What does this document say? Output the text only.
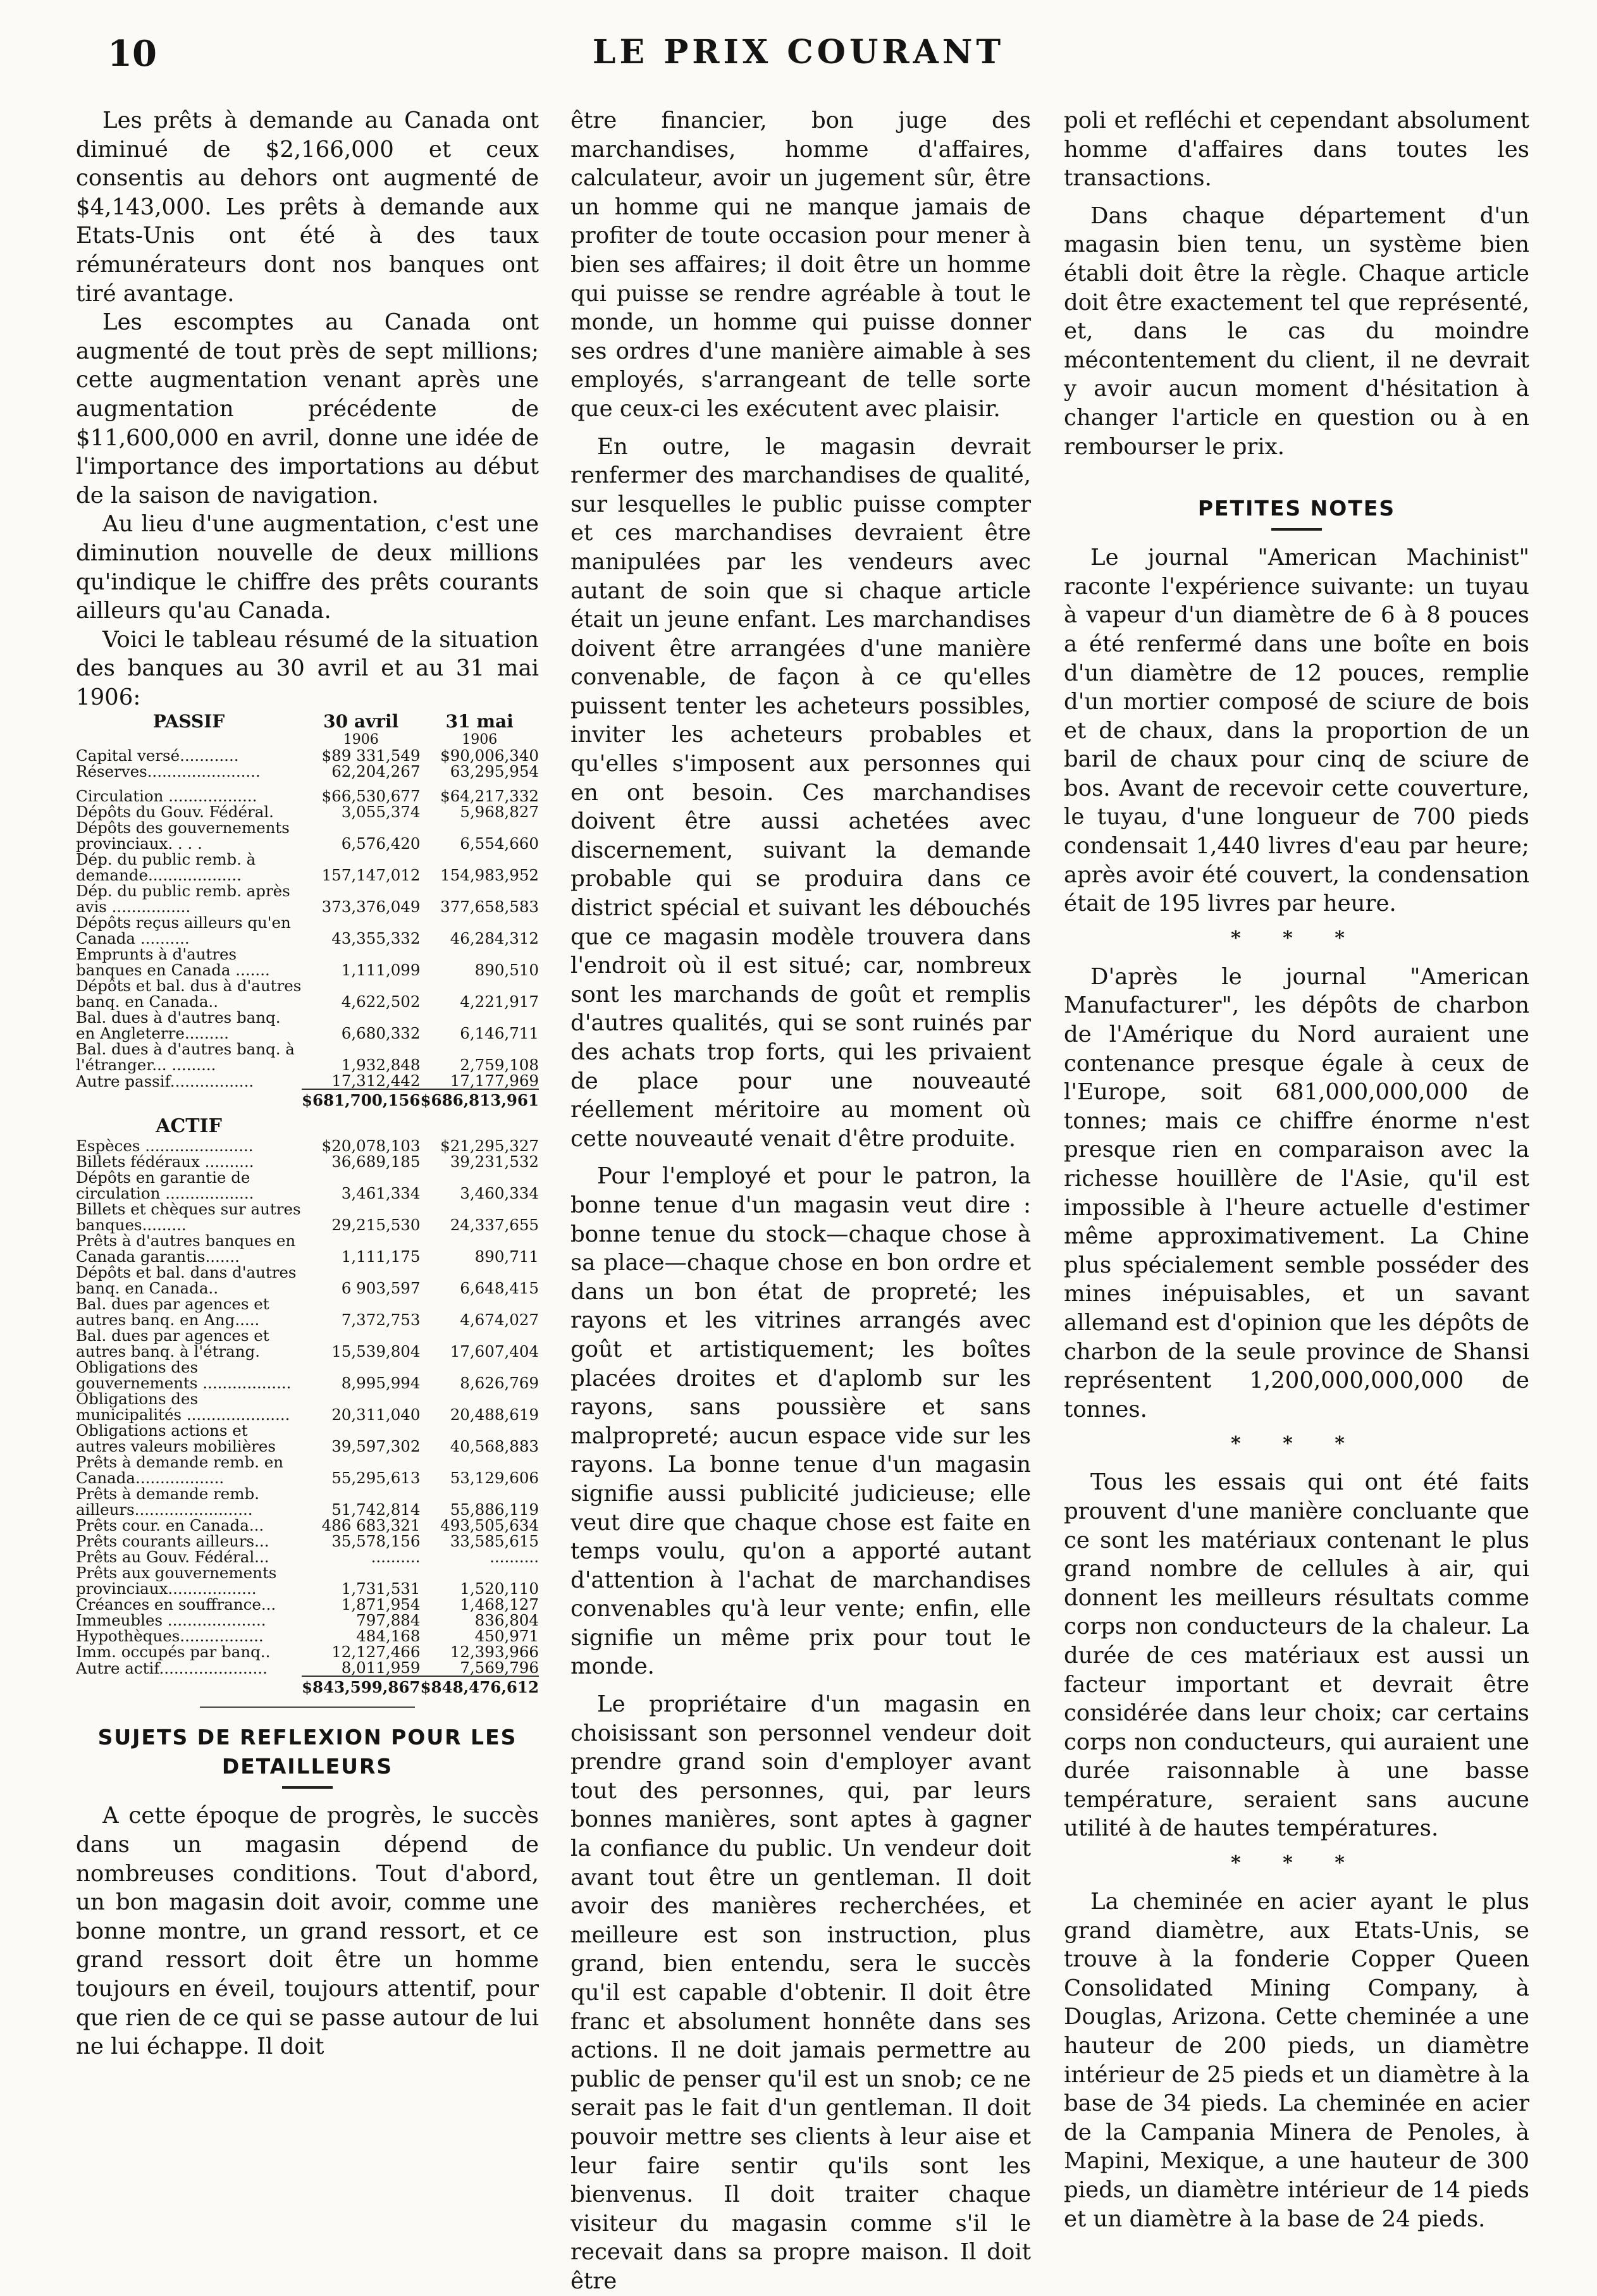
10	LE PRIX COURANT

Les prêts à demande au Canada ont diminué de $2,166,000 et ceux consentis au dehors ont augmenté de $4,143,000. Les prêts à demande aux Etats-Unis ont été à des taux rémunérateurs dont nos banques ont tiré avantage.

Les escomptes au Canada ont augmenté de tout près de sept millions; cette augmentation venant après une augmentation précédente de $11,600,000 en avril, donne une idée de l'importance des importations au début de la saison de navigation.

Au lieu d'une augmentation, c'est une diminution nouvelle de deux millions qu'indique le chiffre des prêts courants ailleurs qu'au Canada.

Voici le tableau résumé de la situation des banques au 30 avril et au 31 mai 1906:

PASSIF	30 avril	31 mai
	1906	1906
Capital versé............	$89 331,549	$90,006,340
Réserves.......................	62,204,267	63,295,954

Circulation ..................	$66,530,677	$64,217,332
Dépôts du Gouv. Fédéral.	3,055,374	5,968,827
Dépôts des gouvernements provinciaux. . . .	6,576,420	6,554,660
Dép. du public remb. à demande...................	157,147,012	154,983,952
Dép. du public remb. après avis ................	373,376,049	377,658,583
Dépôts reçus ailleurs qu'en Canada ..........	43,355,332	46,284,312
Emprunts à d'autres banques en Canada .......	1,111,099	890,510
Dépôts et bal. dus à d'autres banq. en Canada..	4,622,502	4,221,917
Bal. dues à d'autres banq. en Angleterre.........	6,680,332	6,146,711
Bal. dues à d'autres banq. à l'étranger... .........	1,932,848	2,759,108
Autre passif.................	17,312,442	17,177,969
	$681,700,156	$686,813,961
ACTIF		
Espèces ......................	$20,078,103	$21,295,327
Billets fédéraux ..........	36,689,185	39,231,532
Dépôts en garantie de circulation ..................	3,461,334	3,460,334
Billets et chèques sur autres banques.........	29,215,530	24,337,655
Prêts à d'autres banques en Canada garantis.......	1,111,175	890,711
Dépôts et bal. dans d'autres banq. en Canada..	6 903,597	6,648,415
Bal. dues par agences et autres banq. en Ang.....	7,372,753	4,674,027
Bal. dues par agences et autres banq. à l'étrang.	15,539,804	17,607,404
Obligations des gouvernements ..................	8,995,994	8,626,769
Obligations des municipalités .....................	20,311,040	20,488,619
Obligations actions et autres valeurs mobilières	39,597,302	40,568,883
Prêts à demande remb. en Canada..................	55,295,613	53,129,606
Prêts à demande remb. ailleurs........................	51,742,814	55,886,119
Prêts cour. en Canada...	486 683,321	493,505,634
Prêts courants ailleurs...	35,578,156	33,585,615
Prêts au Gouv. Fédéral...	..........	..........
Prêts aux gouvernements provinciaux..................	1,731,531	1,520,110
Créances en souffrance...	1,871,954	1,468,127
Immeubles ....................	797,884	836,804
Hypothèques.................	484,168	450,971
Imm. occupés par banq..	12,127,466	12,393,966
Autre actif......................	8,011,959	7,569,796
	$843,599,867	$848,476,612
SUJETS DE REFLEXION POUR LES DETAILLEURS

A cette époque de progrès, le succès dans un magasin dépend de nombreuses conditions. Tout d'abord, un bon magasin doit avoir, comme une bonne montre, un grand ressort, et ce grand ressort doit être un homme toujours en éveil, toujours attentif, pour que rien de ce qui se passe autour de lui ne lui échappe. Il doit

être financier, bon juge des marchandises, homme d'affaires, calculateur, avoir un jugement sûr, être un homme qui ne manque jamais de profiter de toute occasion pour mener à bien ses affaires; il doit être un homme qui puisse se rendre agréable à tout le monde, un homme qui puisse donner ses ordres d'une manière aimable à ses employés, s'arrangeant de telle sorte que ceux-ci les exécutent avec plaisir.

En outre, le magasin devrait renfermer des marchandises de qualité, sur lesquelles le public puisse compter et ces marchandises devraient être manipulées par les vendeurs avec autant de soin que si chaque article était un jeune enfant. Les marchandises doivent être arrangées d'une manière convenable, de façon à ce qu'elles puissent tenter les acheteurs possibles, inviter les acheteurs probables et qu'elles s'imposent aux personnes qui en ont besoin. Ces marchandises doivent être aussi achetées avec discernement, suivant la demande probable qui se produira dans ce district spécial et suivant les débouchés que ce magasin modèle trouvera dans l'endroit où il est situé; car, nombreux sont les marchands de goût et remplis d'autres qualités, qui se sont ruinés par des achats trop forts, qui les privaient de place pour une nouveauté réellement méritoire au moment où cette nouveauté venait d'être produite.

Pour l'employé et pour le patron, la bonne tenue d'un magasin veut dire : bonne tenue du stock—chaque chose à sa place—chaque chose en bon ordre et dans un bon état de propreté; les rayons et les vitrines arrangés avec goût et artistiquement; les boîtes placées droites et d'aplomb sur les rayons, sans poussière et sans malpropreté; aucun espace vide sur les rayons. La bonne tenue d'un magasin signifie aussi publicité judicieuse; elle veut dire que chaque chose est faite en temps voulu, qu'on a apporté autant d'attention à l'achat de marchandises convenables qu'à leur vente; enfin, elle signifie un même prix pour tout le monde.

Le propriétaire d'un magasin en choisissant son personnel vendeur doit prendre grand soin d'employer avant tout des personnes, qui, par leurs bonnes manières, sont aptes à gagner la confiance du public. Un vendeur doit avant tout être un gentleman. Il doit avoir des manières recherchées, et meilleure est son instruction, plus grand, bien entendu, sera le succès qu'il est capable d'obtenir. Il doit être franc et absolument honnête dans ses actions. Il ne doit jamais permettre au public de penser qu'il est un snob; ce ne serait pas le fait d'un gentleman. Il doit pouvoir mettre ses clients à leur aise et leur faire sentir qu'ils sont les bienvenus. Il doit traiter chaque visiteur du magasin comme s'il le recevait dans sa propre maison. Il doit être

poli et refléchi et cependant absolument homme d'affaires dans toutes les transactions.

Dans chaque département d'un magasin bien tenu, un système bien établi doit être la règle. Chaque article doit être exactement tel que représenté, et, dans le cas du moindre mécontentement du client, il ne devrait y avoir aucun moment d'hésitation à changer l'article en question ou à en rembourser le prix.

PETITES NOTES

Le journal "American Machinist" raconte l'expérience suivante: un tuyau à vapeur d'un diamètre de 6 à 8 pouces a été renfermé dans une boîte en bois d'un diamètre de 12 pouces, remplie d'un mortier composé de sciure de bois et de chaux, dans la proportion de un baril de chaux pour cinq de sciure de bos. Avant de recevoir cette couverture, le tuyau, d'une longueur de 700 pieds condensait 1,440 livres d'eau par heure; après avoir été couvert, la condensation était de 195 livres par heure.

* * *

D'après le journal "American Manufacturer", les dépôts de charbon de l'Amérique du Nord auraient une contenance presque égale à ceux de l'Europe, soit 681,000,000,000 de tonnes; mais ce chiffre énorme n'est presque rien en comparaison avec la richesse houillère de l'Asie, qu'il est impossible à l'heure actuelle d'estimer même approximativement. La Chine plus spécialement semble posséder des mines inépuisables, et un savant allemand est d'opinion que les dépôts de charbon de la seule province de Shansi représentent 1,200,000,000,000 de tonnes.

* * *

Tous les essais qui ont été faits prouvent d'une manière concluante que ce sont les matériaux contenant le plus grand nombre de cellules à air, qui donnent les meilleurs résultats comme corps non conducteurs de la chaleur. La durée de ces matériaux est aussi un facteur important et devrait être considérée dans leur choix; car certains corps non conducteurs, qui auraient une durée raisonnable à une basse température, seraient sans aucune utilité à de hautes températures.

* * *

La cheminée en acier ayant le plus grand diamètre, aux Etats-Unis, se trouve à la fonderie Copper Queen Consolidated Mining Company, à Douglas, Arizona. Cette cheminée a une hauteur de 200 pieds, un diamètre intérieur de 25 pieds et un diamètre à la base de 34 pieds. La cheminée en acier de la Campania Minera de Penoles, à Mapini, Mexique, a une hauteur de 300 pieds, un diamètre intérieur de 14 pieds et un diamètre à la base de 24 pieds.
